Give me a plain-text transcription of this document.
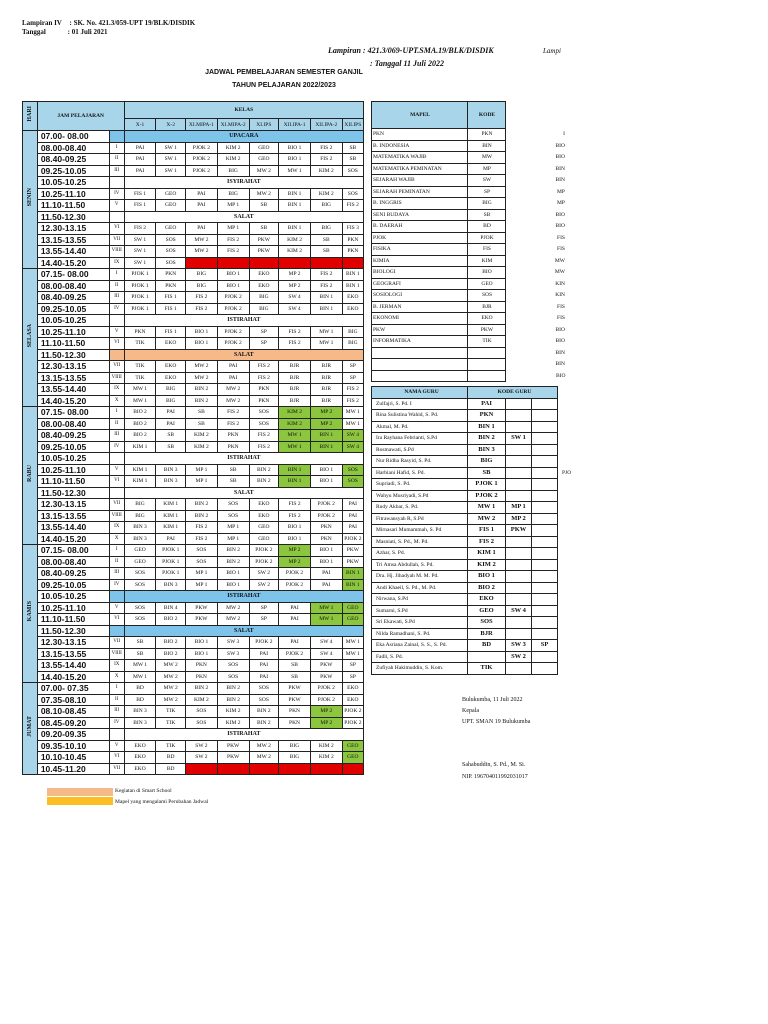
Lampiran IV : SK. No. 421.3/059-UPT 19/BLK/DISDIK
Tanggal	: 01 Juli 2021
Lampiran : 421.3/069-UPT.SMA.19/BLK/DISDIK
: Tanggal 11 Juli 2022
Lampi
JADWAL PEMBELAJARAN SEMESTER GANJIL
TAHUN PELAJARAN 2022/2023
HARI	JAM PELAJARAN		KELAS							
			X-1	X-2	XI.MIPA-1	XI.MIPA-2	XI.IPS	XII.IPA-1	XII.IPA-2	XII.IPS
SENIN	07.00- 08.00		UPACARA							
	08.00-08.40	I	PAI	SW 1	PJOK 2	KIM 2	GEO	BIO 1	FIS 2	SB
	08.40-09.25	II	PAI	SW 1	PJOK 2	KIM 2	GEO	BIO 1	FIS 2	SB
	09.25-10.05	III	PAI	SW 1	PJOK 2	BIG	MW 2	MW 1	KIM 2	SOS
	10.05-10.25		ISYIRAHAT							
	10.25-11.10	IV	FIS 1	GEO	PAI	BIG	MW 2	BIN 1	KIM 2	SOS
	11.10-11.50	V	FIS 1	GEO	PAI	MP 1	SB	BIN 1	BIG	FIS 2
	11.50-12.30		SALAT							
	12.30-13.15	VI	FIS 2	GEO	PAI	MP 1	SB	BIN 1	BIG	FIS 3
	13.15-13.55	VII	SW 1	SOS	MW 2	FIS 2	PKW	KIM 2	SB	PKN
	13.55-14.40	VIIII	SW 1	SOS	MW 2	FIS 2	PKW	KIM 2	SB	PKN
	14.40-15.20	IX	SW 1	SOS						
SELASA	07.15- 08.00	I	PJOK 1	PKN	BIG	BIO 1	EKO	MP 2	FIS 2	BIN 1
	08.00-08.40	II	PJOK 1	PKN	BIG	BIO 1	EKO	MP 2	FIS 2	BIN 1
	08.40-09.25	III	PJOK 1	FIS 1	FIS 2	PJOK 2	BIG	SW 4	BIN 1	EKO
	09.25-10.05	IV	PJOK 1	FIS 1	FIS 2	PJOK 2	BIG	SW 4	BIN 1	EKO
	10.05-10.25		ISTIRAHAT							
	10.25-11.10	V	PKN	FIS 1	BIO 1	PJOK 2	SP	FIS 2	MW 1	BIG
	11.10-11.50	VI	TIK	EKO	BIO 1	PJOK 2	SP	FIS 2	MW 1	BIG
	11.50-12.30		SALAT							
	12.30-13.15	VII	TIK	EKO	MW 2	PAI	FIS 2	BJR	BJR	SP
	13.15-13.55	VIIII	TIK	EKO	MW 2	PAI	FIS 2	BJR	BJR	SP
	13.55-14.40	IX	MW 1	BIG	BIN 2	MW 2	PKN	BJR	BJR	FIS 2
	14.40-15.20	X	MW 1	BIG	BIN 2	MW 2	PKN	BJR	BJR	FIS 2
RABU	07.15- 08.00	I	BIO 2	PAI	SB	FIS 2	SOS	KIM 2	MP 2	MW 1
	08.00-08.40	II	BIO 2	PAI	SB	FIS 2	SOS	KIM 2	MP 2	MW 1
	08.40-09.25	III	BIO 2	SB	KIM 2	PKN	FIS 2	MW 1	BIN 1	SW 4
	09.25-10.05	IV	KIM 1	SB	KIM 2	PKN	FIS 2	MW 1	BIN 1	SW 4
	10.05-10.25		ISTIRAHAT							
	10.25-11.10	V	KIM 1	BIN 3	MP 1	SB	BIN 2	BIN 1	BIO 1	SOS
	11.10-11.50	VI	KIM 1	BIN 3	MP 1	SB	BIN 2	BIN 1	BIO 1	SOS
	11.50-12.30		SALAT							
	12.30-13.15	VII	BIG	KIM 1	BIN 2	SOS	EKO	FIS 2	PJOK 2	PAI
	13.15-13.55	VIIII	BIG	KIM 1	BIN 2	SOS	EKO	FIS 2	PJOK 2	PAI
	13.55-14.40	IX	BIN 3	KIM 1	FIS 2	MP 1	GEO	BIO 1	PKN	PAI
	14.40-15.20	X	BIN 3	PAI	FIS 2	MP 1	GEO	BIO 1	PKN	PJOK 2
KAMIS	07.15- 08.00	I	GEO	PJOK 1	SOS	BIN 2	PJOK 2	MP 2	BIO 1	PKW
	08.00-08.40	II	GEO	PJOK 1	SOS	BIN 2	PJOK 2	MP 2	BIO 1	PKW
	08.40-09.25	III	SOS	PJOK 1	MP 1	BIO 1	SW 2	PJOK 2	PAI	BIN 1
	09.25-10.05	IV	SOS	BIN 3	MP 1	BIO 1	SW 2	PJOK 2	PAI	BIN 1
	10.05-10.25		ISTIRAHAT							
	10.25-11.10	V	SOS	BIN 4	PKW	MW 2	SP	PAI	MW 1	GEO
	11.10-11.50	VI	SOS	BIO 2	PKW	MW 2	SP	PAI	MW 1	GEO
	11.50-12.30		SALAT							
	12.30-13.15	VII	SB	BIO 2	BIO 1	SW 3	PJOK 2	PAI	SW 4	MW 1
	13.15-13.55	VIIII	SB	BIO 2	BIO 1	SW 3	PAI	PJOK 2	SW 4	MW 1
	13.55-14.40	IX	MW 1	MW 2	PKN	SOS	PAI	SB	PKW	SP
	14.40-15.20	X	MW 1	MW 2	PKN	SOS	PAI	SB	PKW	SP
JUMAT	07.00- 07.35	I	BD	MW 2	BIN 2	BIN 2	SOS	PKW	PJOK 2	EKO
	07.35-08.10	II	BD	MW 2	KIM 2	BIN 2	SOS	PKW	PJOK 2	EKO
	08.10-08.45	III	BIN 3	TIK	SOS	KIM 2	BIN 2	PKN	MP 2	PJOK 2
	08.45-09.20	IV	BIN 3	TIK	SOS	KIM 2	BIN 2	PKN	MP 2	PJOK 2
	09.20-09.35		ISTIRAHAT							
	09.35-10.10	V	EKO	TIK	SW 2	PKW	MW 2	BIG	KIM 2	GEO
	10.10-10.45	VI	EKO	BD	SW 2	PKW	MW 2	BIG	KIM 2	GEO
	10.45-11.20	VII	EKO	BD						
MAPEL	KODE	
PKN	PKN	I
B. INDONESIA	BIN	BIO
MATEMATIKA WAJIB	MW	BIO
MATEMATIKA PEMINATAN	MP	BIN
SEJARAH WAJIB	SW	BIN
SEJARAH PEMINATAN	SP	MP
B. INGGRIS	BIG	MP
SENI BUDAYA	SB	BIO
B. DAERAH	BD	BIO
PJOK	PJOK	FIS
FISIKA	FIS	FIS
KIMIA	KIM	MW
BIOLOGI	BIO	MW
GEOGRAFI	GEO	KIN
SOSIOLOGI	SOS	KIN
B. JERMAN	BJR	FIS
EKONOMI	EKO	FIS
PKW	PKW	BIO
INFORMATIKA	TIK	BIO
		BIN
		BIN
		BIO
NAMA GURU	KODE GURU			
Zulfajri, S. Pd. I	PAI			
Rina Sulistina Wahid, S. Pd.	PKN			
Akmal, M. Pd.	BIN 1			
Ira Rayhana Febrianti, S.Pd	BIN 2	SW 1		
Rosmawati, S.Pd	BIN 3			
Nur Ridha Rasyid, S. Pd.	BIG			
Harbiani Hafid, S. Pd.	SB			PJO
Supriadi, S. Pd.	PJOK 1			
Wahyu Musriyadi, S.Pd	PJOK 2			
Rudy Akbar, S. Pd.	MW 1	MP 1		
Fitrawansyah R, S.Pd	MW 2	MP 2		
Mirnasari Mumammah, S. Pd	FIS 1	PKW		
Masniati, S. Pd., M. Pd.	FIS 2			
Azhar, S. Pd.	KIM 1			
Tri Amsa Abdullah, S. Pd.	KIM 2			
Dra. Hj. Jihadyah M. M. Pd.	BIO 1			
Andi Khaeil, S. Pd., M. Pd.	BIO 2			
Nirwana, S.Pd	EKO			
Sumarni, S.Pd	GEO	SW 4		
Sri Ekawati, S.Pd	SOS			
Nilda Ramadhani, S. Pd.	BJR			
Eka Asriana Zainal, S. S., S. Pd.	BD	SW 3	SP	
Fadli, S. Pd.		SW 2		
Zufiyah Hakimuddin, S. Kom.	TIK			
Bulukumba, 11 Juli 2022
Kepala
UPT. SMAN 19 Bulukumba
Sahabuddin, S. Pd., M. Si.
NIP. 196704011992031017
Kegiatan di Smart School
Mapel yang mengalami Perubahan Jadwal
